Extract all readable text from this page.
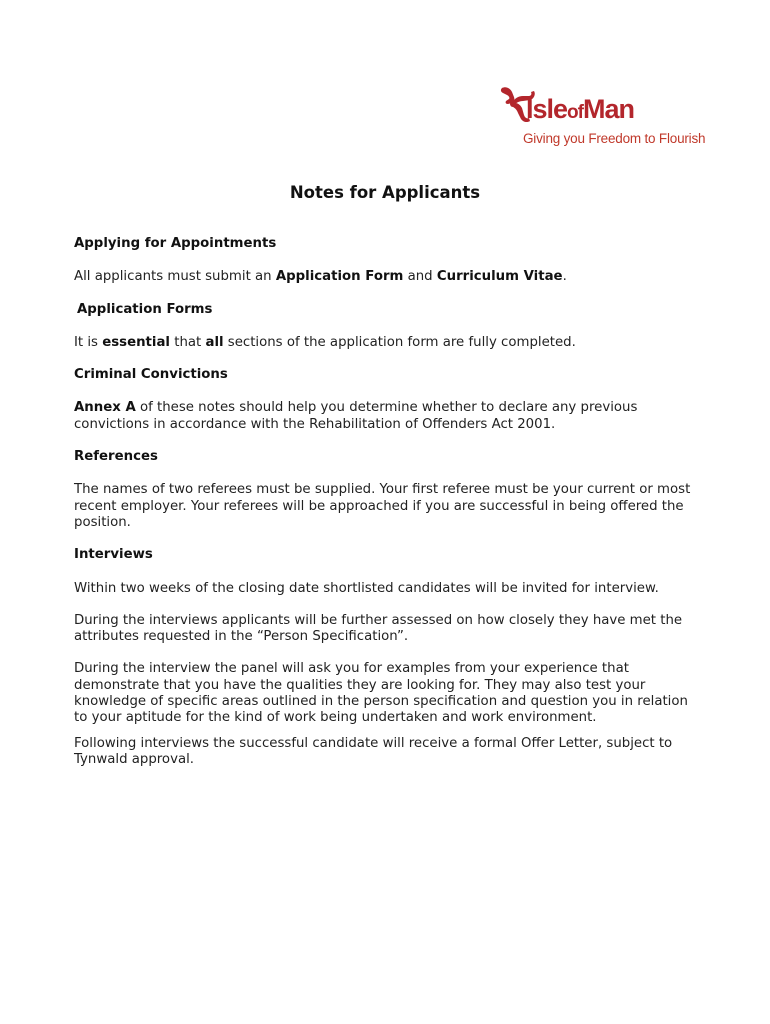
IsleofMan
Giving you Freedom to Flourish
Notes for Applicants
Applying for Appointments
All applicants must submit an Application Form and Curriculum Vitae.
Application Forms
It is essential that all sections of the application form are fully completed.
Criminal Convictions
Annex A of these notes should help you determine whether to declare any previous convictions in accordance with the Rehabilitation of Offenders Act 2001.
References
The names of two referees must be supplied. Your first referee must be your current or most recent employer. Your referees will be approached if you are successful in being offered the position.
Interviews
Within two weeks of the closing date shortlisted candidates will be invited for interview.
During the interviews applicants will be further assessed on how closely they have met the attributes requested in the “Person Specification”.
During the interview the panel will ask you for examples from your experience that demonstrate that you have the qualities they are looking for. They may also test your knowledge of specific areas outlined in the person specification and question you in relation to your aptitude for the kind of work being undertaken and work environment.
Following interviews the successful candidate will receive a formal Offer Letter, subject to Tynwald approval.
